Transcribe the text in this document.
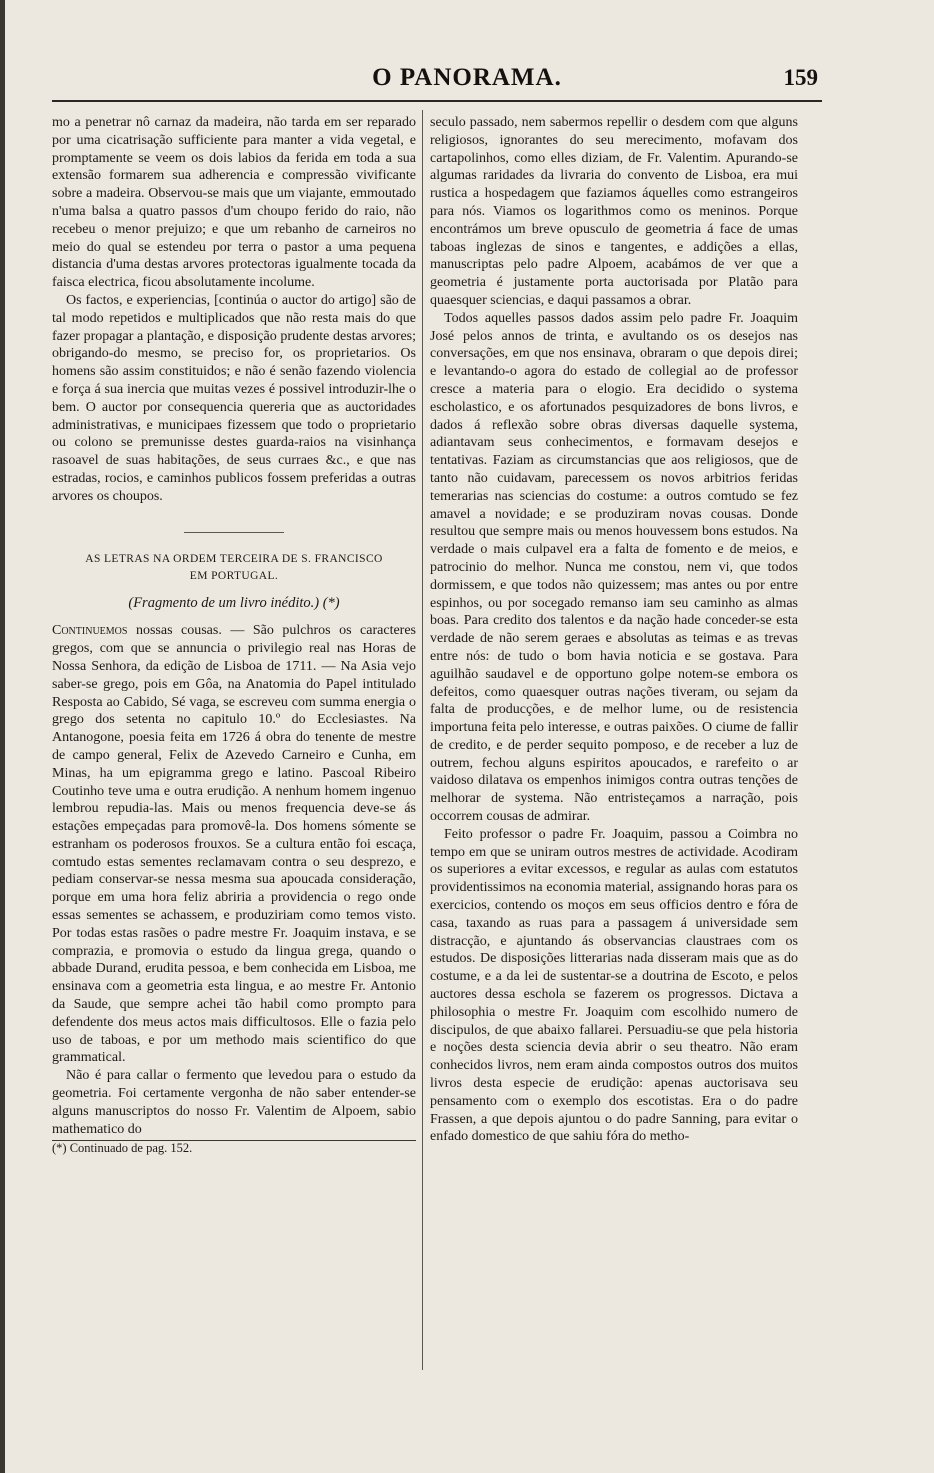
O PANORAMA.	159

mo a penetrar nô carnaz da madeira, não tarda em ser reparado por uma cicatrisação sufficiente para manter a vida vegetal, e promptamente se veem os dois labios da ferida em toda a sua extensão formarem sua adherencia e compressão vivificante sobre a madeira. Observou-se mais que um viajante, emmoutado n'uma balsa a quatro passos d'um choupo ferido do raio, não recebeu o menor prejuizo; e que um rebanho de carneiros no meio do qual se estendeu por terra o pastor a uma pequena distancia d'uma destas arvores protectoras igualmente tocada da faisca electrica, ficou absolutamente incolume.

Os factos, e experiencias, [continúa o auctor do artigo] são de tal modo repetidos e multiplicados que não resta mais do que fazer propagar a plantação, e disposição prudente destas arvores; obrigando-do mesmo, se preciso for, os proprietarios. Os homens são assim constituidos; e não é senão fazendo violencia e força á sua inercia que muitas vezes é possivel introduzir-lhe o bem. O auctor por consequencia quereria que as auctoridades administrativas, e municipaes fizessem que todo o proprietario ou colono se premunisse destes guarda-raios na visinhança rasoavel de suas habitações, de seus curraes &c., e que nas estradas, rocios, e caminhos publicos fossem preferidas a outras arvores os choupos.

AS LETRAS NA ORDEM TERCEIRA DE S. FRANCISCO
EM PORTUGAL.
(Fragmento de um livro inédito.) (*)

Continuemos nossas cousas. — São pulchros os caracteres gregos, com que se annuncia o privilegio real nas Horas de Nossa Senhora, da edição de Lisboa de 1711. — Na Asia vejo saber-se grego, pois em Gôa, na Anatomia do Papel intitulado Resposta ao Cabido, Sé vaga, se escreveu com summa energia o grego dos setenta no capitulo 10.º do Ecclesiastes. Na Antanogone, poesia feita em 1726 á obra do tenente de mestre de campo general, Felix de Azevedo Carneiro e Cunha, em Minas, ha um epigramma grego e latino. Pascoal Ribeiro Coutinho teve uma e outra erudição. A nenhum homem ingenuo lembrou repudia-las. Mais ou menos frequencia deve-se ás estações empeçadas para promovê-la. Dos homens sómente se estranham os poderosos frouxos. Se a cultura então foi escaça, comtudo estas sementes reclamavam contra o seu desprezo, e pediam conservar-se nessa mesma sua apoucada consideração, porque em uma hora feliz abriria a providencia o rego onde essas sementes se achassem, e produziriam como temos visto. Por todas estas rasões o padre mestre Fr. Joaquim instava, e se comprazia, e promovia o estudo da lingua grega, quando o abbade Durand, erudita pessoa, e bem conhecida em Lisboa, me ensinava com a geometria esta lingua, e ao mestre Fr. Antonio da Saude, que sempre achei tão habil como prompto para defendente dos meus actos mais difficultosos. Elle o fazia pelo uso de taboas, e por um methodo mais scientifico do que grammatical.

Não é para callar o fermento que levedou para o estudo da geometria. Foi certamente vergonha de não saber entender-se alguns manuscriptos do nosso Fr. Valentim de Alpoem, sabio mathematico do

(*) Continuado de pag. 152.

seculo passado, nem sabermos repellir o desdem com que alguns religiosos, ignorantes do seu merecimento, mofavam dos cartapolinhos, como elles diziam, de Fr. Valentim. Apurando-se algumas raridades da livraria do convento de Lisboa, era mui rustica a hospedagem que faziamos áquelles como estrangeiros para nós. Viamos os logarithmos como os meninos. Porque encontrámos um breve opusculo de geometria á face de umas taboas inglezas de sinos e tangentes, e addições a ellas, manuscriptas pelo padre Alpoem, acabámos de ver que a geometria é justamente porta auctorisada por Platão para quaesquer sciencias, e daqui passamos a obrar.

Todos aquelles passos dados assim pelo padre Fr. Joaquim José pelos annos de trinta, e avultando os os desejos nas conversações, em que nos ensinava, obraram o que depois direi; e levantando-o agora do estado de collegial ao de professor cresce a materia para o elogio. Era decidido o systema escholastico, e os afortunados pesquizadores de bons livros, e dados á reflexão sobre obras diversas daquelle systema, adiantavam seus conhecimentos, e formavam desejos e tentativas. Faziam as circumstancias que aos religiosos, que de tanto não cuidavam, parecessem os novos arbitrios feridas temerarias nas sciencias do costume: a outros comtudo se fez amavel a novidade; e se produziram novas cousas. Donde resultou que sempre mais ou menos houvessem bons estudos. Na verdade o mais culpavel era a falta de fomento e de meios, e patrocinio do melhor. Nunca me constou, nem vi, que todos dormissem, e que todos não quizessem; mas antes ou por entre espinhos, ou por socegado remanso iam seu caminho as almas boas. Para credito dos talentos e da nação hade conceder-se esta verdade de não serem geraes e absolutas as teimas e as trevas entre nós: de tudo o bom havia noticia e se gostava. Para aguilhão saudavel e de opportuno golpe notem-se embora os defeitos, como quaesquer outras nações tiveram, ou sejam da falta de producções, e de melhor lume, ou de resistencia importuna feita pelo interesse, e outras paixões. O ciume de fallir de credito, e de perder sequito pomposo, e de receber a luz de outrem, fechou alguns espiritos apoucados, e rarefeito o ar vaidoso dilatava os empenhos inimigos contra outras tenções de melhorar de systema. Não entristeçamos a narração, pois occorrem cousas de admirar.

Feito professor o padre Fr. Joaquim, passou a Coimbra no tempo em que se uniram outros mestres de actividade. Acodiram os superiores a evitar excessos, e regular as aulas com estatutos providentissimos na economia material, assignando horas para os exercicios, contendo os moços em seus officios dentro e fóra de casa, taxando as ruas para a passagem á universidade sem distracção, e ajuntando ás observancias claustraes com os estudos. De disposições litterarias nada disseram mais que as do costume, e a da lei de sustentar-se a doutrina de Escoto, e pelos auctores dessa eschola se fazerem os progressos. Dictava a philosophia o mestre Fr. Joaquim com escolhido numero de discipulos, de que abaixo fallarei. Persuadiu-se que pela historia e noções desta sciencia devia abrir o seu theatro. Não eram conhecidos livros, nem eram ainda compostos outros dos muitos livros desta especie de erudição: apenas auctorisava seu pensamento com o exemplo dos escotistas. Era o do padre Frassen, a que depois ajuntou o do padre Sanning, para evitar o enfado domestico de que sahiu fóra do metho-
